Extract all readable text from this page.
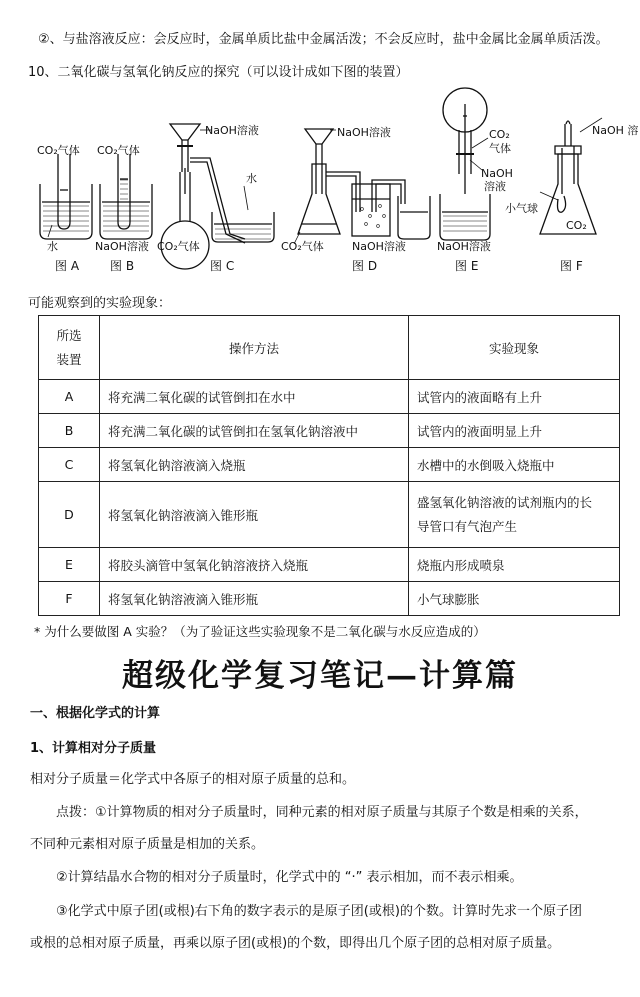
②、与盐溶液反应：会反应时，金属单质比盐中金属活泼；不会反应时，盐中金属比金属单质活泼。
10、二氧化碳与氢氧化钠反应的探究（可以设计成如下图的装置）
CO₂气体
水
CO₂气体
NaOH溶液
NaOH溶液
水
CO₂气体
NaOH溶液
CO₂气体	NaOH溶液
CO₂
气体
NaOH
溶液
NaOH溶液
NaOH 溶
小气球
CO₂
图 A	图 B	图 C	图 D	图 E	图 F
可能观察到的实验现象：
所选
装置	操作方法	实验现象
A	将充满二氧化碳的试管倒扣在水中	试管内的液面略有上升
B	将充满二氧化碳的试管倒扣在氢氧化钠溶液中	试管内的液面明显上升
C	将氢氧化钠溶液滴入烧瓶	水槽中的水倒吸入烧瓶中
D	将氢氧化钠溶液滴入锥形瓶	盛氢氧化钠溶液的试剂瓶内的长
导管口有气泡产生

E	将胶头滴管中氢氧化钠溶液挤入烧瓶	烧瓶内形成喷泉
F	将氢氧化钠溶液滴入锥形瓶	小气球膨胀
* 为什么要做图 A 实验？（为了验证这些实验现象不是二氧化碳与水反应造成的）
超级化学复习笔记—计算篇
一、根据化学式的计算
1、计算相对分子质量
相对分子质量＝化学式中各原子的相对原子质量的总和。
点拨：①计算物质的相对分子质量时，同种元素的相对原子质量与其原子个数是相乘的关系，
不同种元素相对原子质量是相加的关系。
②计算结晶水合物的相对分子质量时，化学式中的 “·” 表示相加，而不表示相乘。
③化学式中原子团(或根)右下角的数字表示的是原子团(或根)的个数。计算时先求一个原子团
或根的总相对原子质量，再乘以原子团(或根)的个数，即得出几个原子团的总相对原子质量。
